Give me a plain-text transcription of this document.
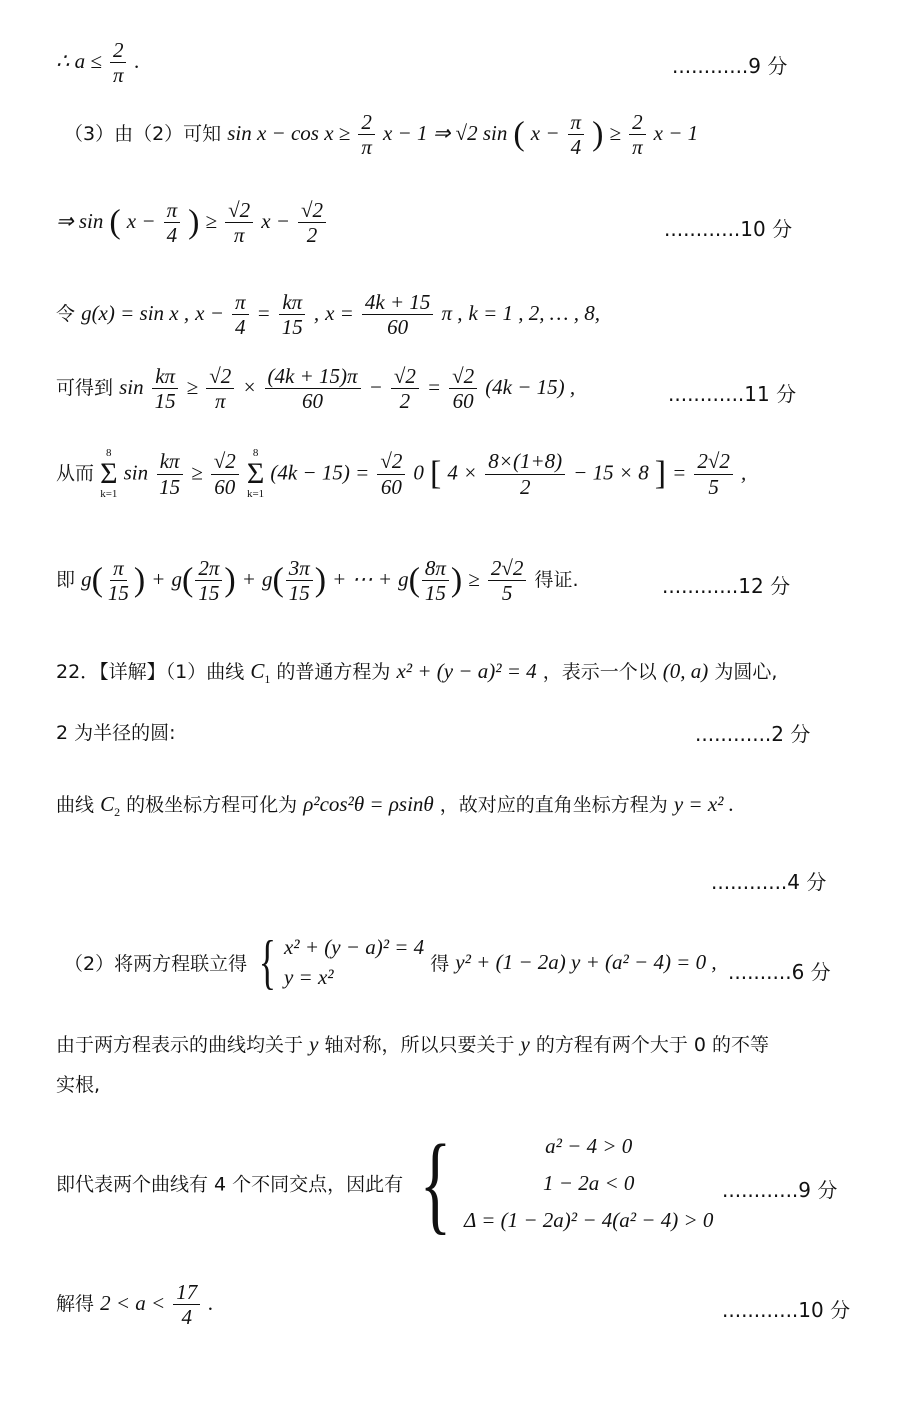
∴ $a \le \frac{2}{\pi}$ .	............9 分
（3）由（2）可知 $\sin x - \cos x \ge \frac{2}{\pi}$ x − 1 ⇒ √2 sin ( $x - \frac{\pi}{4}$ ) ≥ $\frac{2}{\pi}$ x − 1
⇒ sin ( $x - \frac{\pi}{4}$ ) ≥ $\frac{√2}{\pi}$ $x - \frac{√2}{2}$	............10 分
令 g(x) = sin x , $x - \frac{\pi}{4} = \frac{k\pi}{15}$ , $x = \frac{4k + 15}{60}$ π , k = 1 , 2, … , 8,
可得到 $\sin \frac{k\pi}{15} \ge \frac{√2}{\pi} \times \frac{(4k + 15)\pi}{60} - \frac{√2}{2} = \frac{√2}{60} (4k - 15)$ ,	............11 分
从而
8
Σ
k=1
$\sin \frac{k\pi}{15} \ge \frac{√2}{60}$
8
Σ
k=1
$(4k - 15) = \frac{√2}{60} 0$ [ $4 \times \frac{8\times(1+8)}{2} - 15 \times 8$ ] = $\frac{2√2}{5}$ ,
即 $g( \frac{\pi}{15}$ ) + $g( \frac{2\pi}{15}$ ) + $g( \frac{3\pi}{15}$ ) + ⋯ + $g( \frac{8\pi}{15}$ ) ≥ $\frac{2√2}{5}$ 得证.	............12 分
22．【详解】（1）曲线 $C_1$ 的普通方程为 x² + (y − a)² = 4 ，表示一个以 (0, a) 为圆心,
2 为半径的圆:	............2 分
曲线 $C_2$ 的极坐标方程可化为 ρ²cos²θ = ρsinθ ，故对应的直角坐标方程为 y = x² .
............4 分
（2）将两方程联立得 { x² + (y − a)² = 4
y = x²
得 y² + (1 − 2a) y + (a² − 4) = 0 , ..........6 分
由于两方程表示的曲线均关于 y 轴对称，所以只要关于 y 的方程有两个大于 0 的不等
实根,
即代表两个曲线有 4 个不同交点，因此有 {	a² − 4 > 0
1 − 2a < 0
Δ = (1 − 2a)² − 4(a² − 4) > 0
............9 分
解得 $2 < a < \frac{17}{4}$ .	............10 分
